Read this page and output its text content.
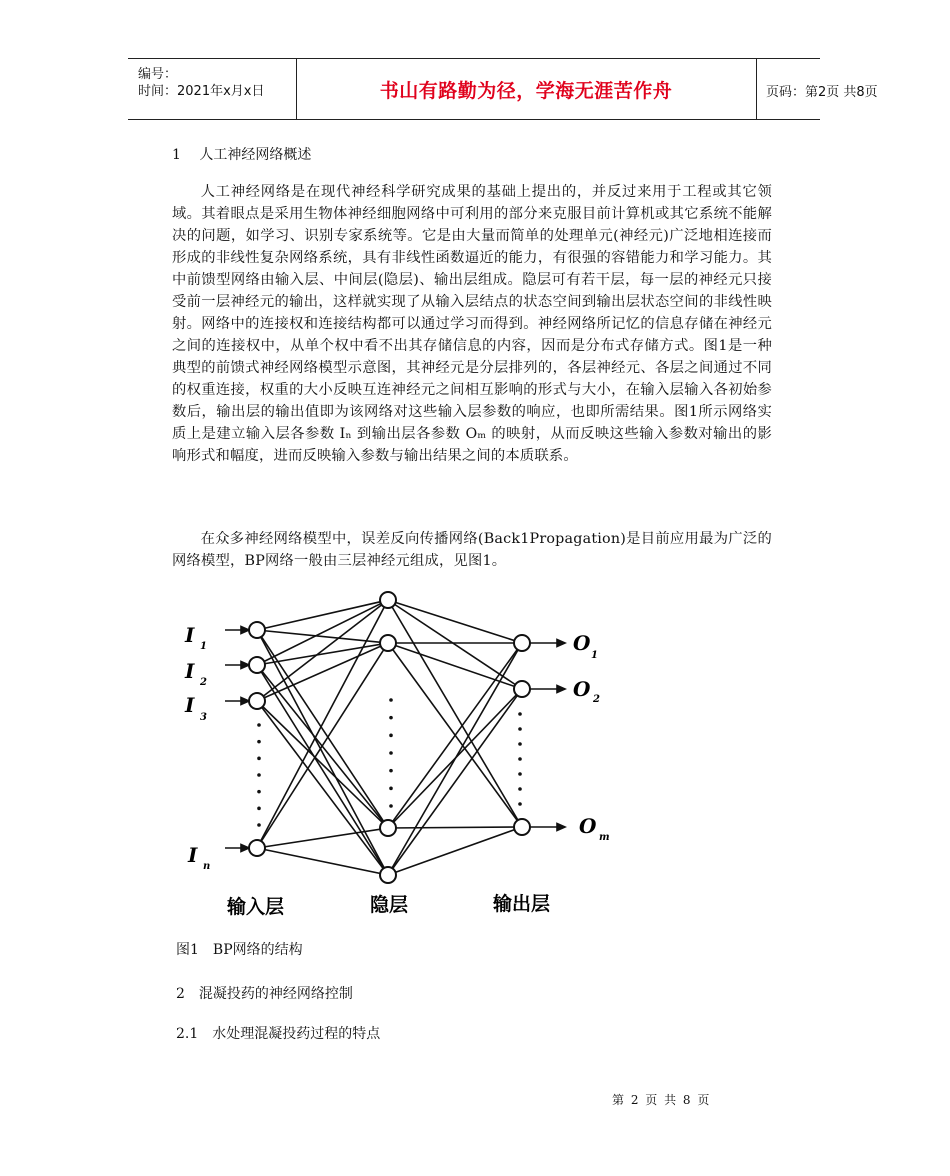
编号：
时间：2021年x月x日	书山有路勤为径，学海无涯苦作舟	页码：第2页 共8页
1　 人工神经网络概述
人工神经网络是在现代神经科学研究成果的基础上提出的，并反过来用于工程或其它领域。其着眼点是采用生物体神经细胞网络中可利用的部分来克服目前计算机或其它系统不能解决的问题，如学习、识别专家系统等。它是由大量而简单的处理单元(神经元)广泛地相连接而形成的非线性复杂网络系统，具有非线性函数逼近的能力，有很强的容错能力和学习能力。其中前馈型网络由输入层、中间层(隐层)、输出层组成。隐层可有若干层，每一层的神经元只接受前一层神经元的输出，这样就实现了从输入层结点的状态空间到输出层状态空间的非线性映射。网络中的连接权和连接结构都可以通过学习而得到。神经网络所记忆的信息存储在神经元之间的连接权中，从单个权中看不出其存储信息的内容，因而是分布式存储方式。图1是一种典型的前馈式神经网络模型示意图，其神经元是分层排列的，各层神经元、各层之间通过不同的权重连接，权重的大小反映互连神经元之间相互影响的形式与大小，在输入层输入各初始参数后，输出层的输出值即为该网络对这些输入层参数的响应，也即所需结果。图1所示网络实质上是建立输入层各参数 Iₙ 到输出层各参数 Oₘ 的映射，从而反映这些输入参数对输出的影响形式和幅度，进而反映输入参数与输出结果之间的本质联系。
在众多神经网络模型中，误差反向传播网络(Back1Propagation)是目前应用最为广泛的网络模型，BP网络一般由三层神经元组成，见图1。
I 1
I 2
I
3
I n
O
1
O 2
O m
输入层	隐层	输出层
图1　BP网络的结构
2　混凝投药的神经网络控制
2.1　水处理混凝投药过程的特点
第 2 页 共 8 页
